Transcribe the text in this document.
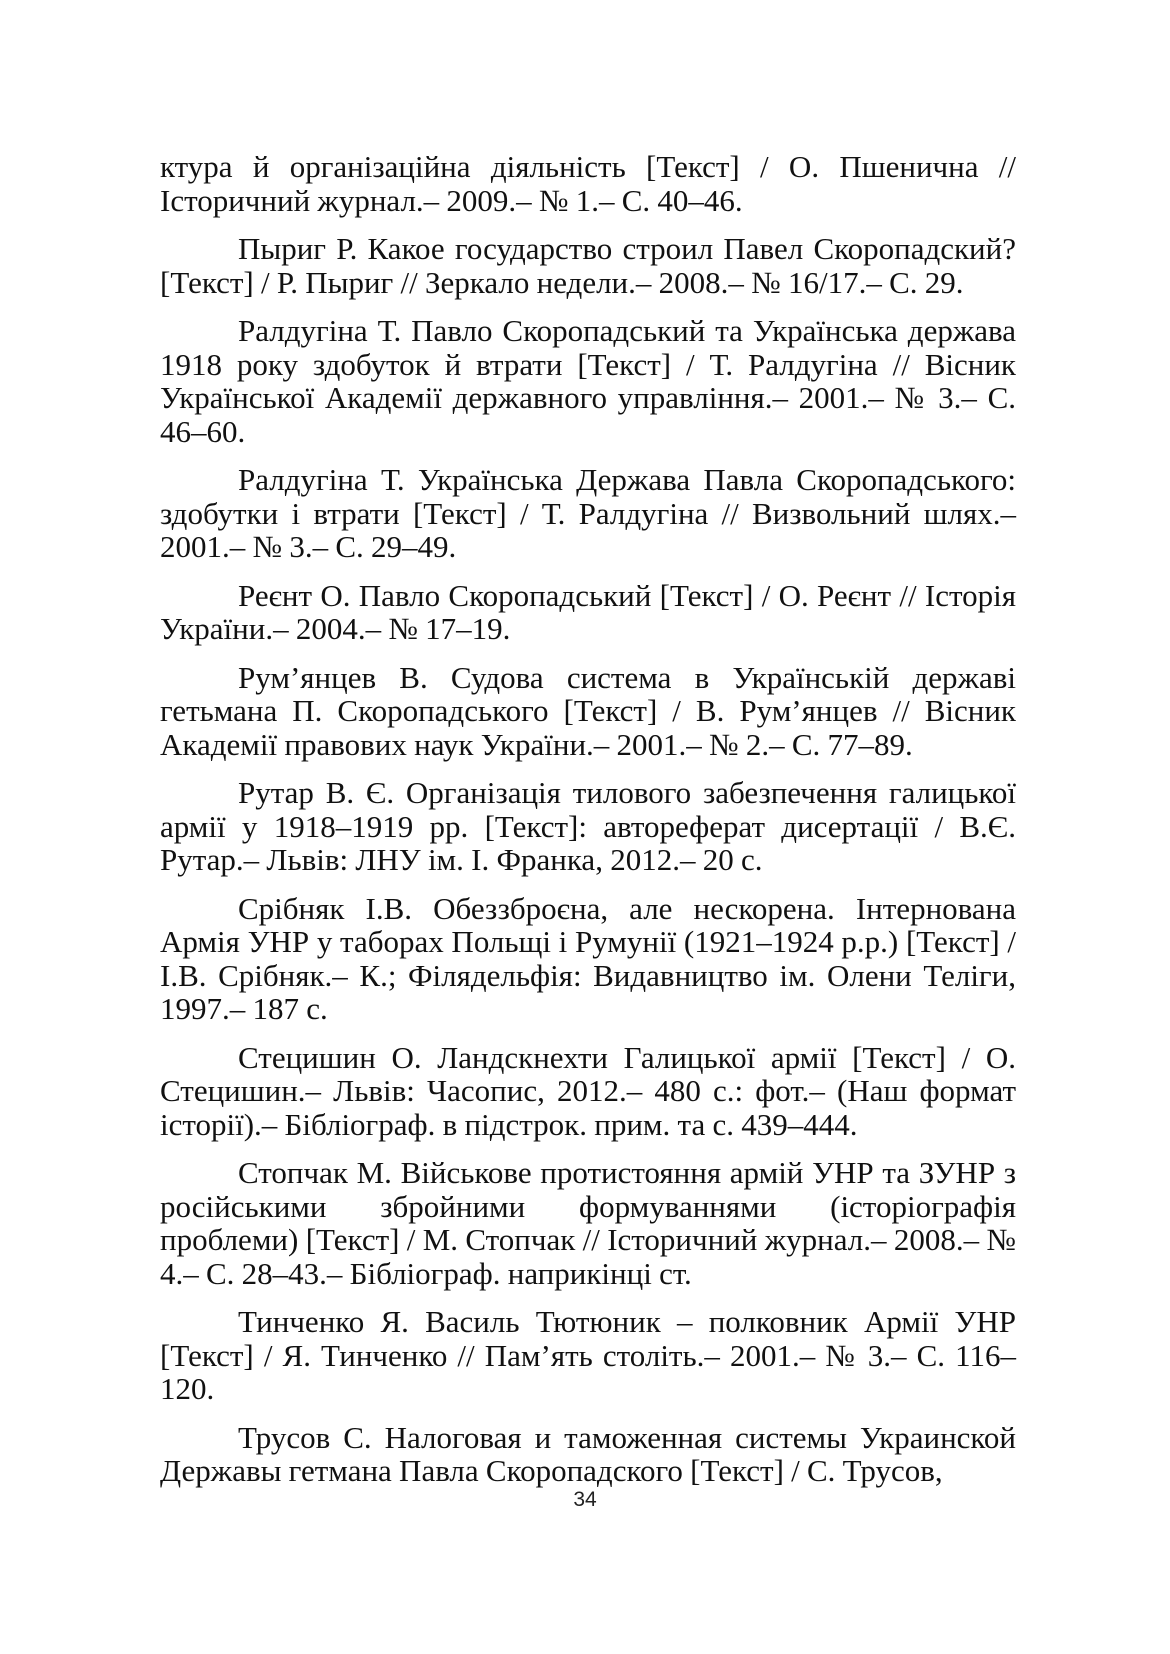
ктура й організаційна діяльність [Текст] / О. Пшенична // Історичний журнал.– 2009.– № 1.– С. 40–46.

Пыриг Р. Какое государство строил Павел Скоропадский? [Текст] / Р. Пыриг // Зеркало недели.– 2008.– № 16/17.– С. 29.

Ралдугіна Т. Павло Скоропадський та Українська держава 1918 року здобуток й втрати [Текст] / Т. Ралдугіна // Вісник Української Академії державного управління.– 2001.– № 3.– С. 46–60.

Ралдугіна Т. Українська Держава Павла Скоропадського: здобутки і втрати [Текст] / Т. Ралдугіна // Визвольний шлях.– 2001.– № 3.– С. 29–49.

Реєнт О. Павло Скоропадський [Текст] / О. Реєнт // Історія України.– 2004.– № 17–19.

Рум’янцев В. Судова система в Українській державі гетьмана П. Скоропадського [Текст] / В. Рум’янцев // Вісник Академії правових наук України.– 2001.– № 2.– С. 77–89.

Рутар В. Є. Організація тилового забезпечення галицької армії у 1918–1919 рр. [Текст]: автореферат дисертації / В.Є. Рутар.– Львів: ЛНУ ім. І. Франка, 2012.– 20 с.

Срібняк І.В. Обеззброєна, але нескорена. Інтернована Армія УНР у таборах Польщі і Румунії (1921–1924 р.р.) [Текст] / І.В. Срібняк.– К.; Філядельфія: Видавництво ім. Олени Теліги, 1997.– 187 с.

Стецишин О. Ландскнехти Галицької армії [Текст] / О. Стецишин.– Львів: Часопис, 2012.– 480 с.: фот.– (Наш формат історії).– Бібліограф. в підстрок. прим. та с. 439–444.

Стопчак М. Військове протистояння армій УНР та ЗУНР з російськими збройними формуваннями (історіографія проблеми) [Текст] / М. Стопчак // Історичний журнал.– 2008.– № 4.– С. 28–43.– Бібліограф. наприкінці ст.

Тинченко Я. Василь Тютюник – полковник Армії УНР [Текст] / Я. Тинченко // Пам’ять століть.– 2001.– № 3.– С. 116–120.

Трусов С. Налоговая и таможенная системы Украинской Державы гетмана Павла Скоропадского [Текст] / С. Трусов,

34
